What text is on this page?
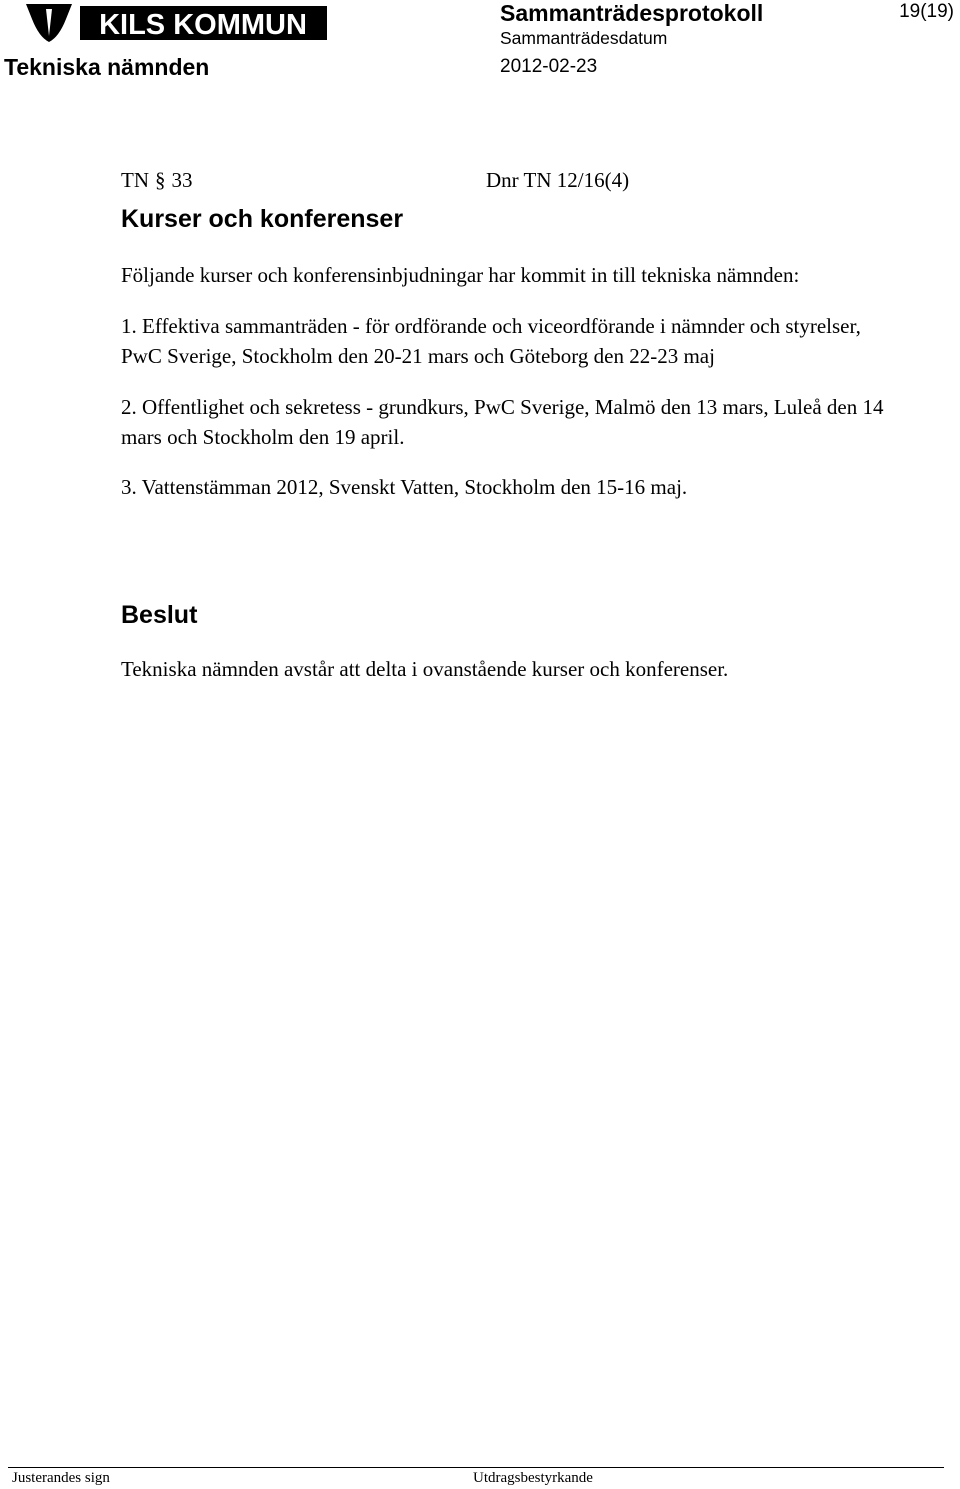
KILS KOMMUN
Tekniska nämnden
Sammanträdesprotokoll
Sammanträdesdatum
2012-02-23
19(19)
TN § 33	Dnr TN 12/16(4)
Kurser och konferenser
Följande kurser och konferensinbjudningar har kommit in till tekniska nämnden:
1. Effektiva sammanträden - för ordförande och viceordförande i nämnder och styrelser,
PwC Sverige, Stockholm den 20-21 mars och Göteborg den 22-23 maj
2. Offentlighet och sekretess - grundkurs, PwC Sverige, Malmö den 13 mars, Luleå den 14
mars och Stockholm den 19 april.
3. Vattenstämman 2012, Svenskt Vatten, Stockholm den 15-16 maj.
Beslut
Tekniska nämnden avstår att delta i ovanstående kurser och konferenser.
Justerandes sign	Utdragsbestyrkande
